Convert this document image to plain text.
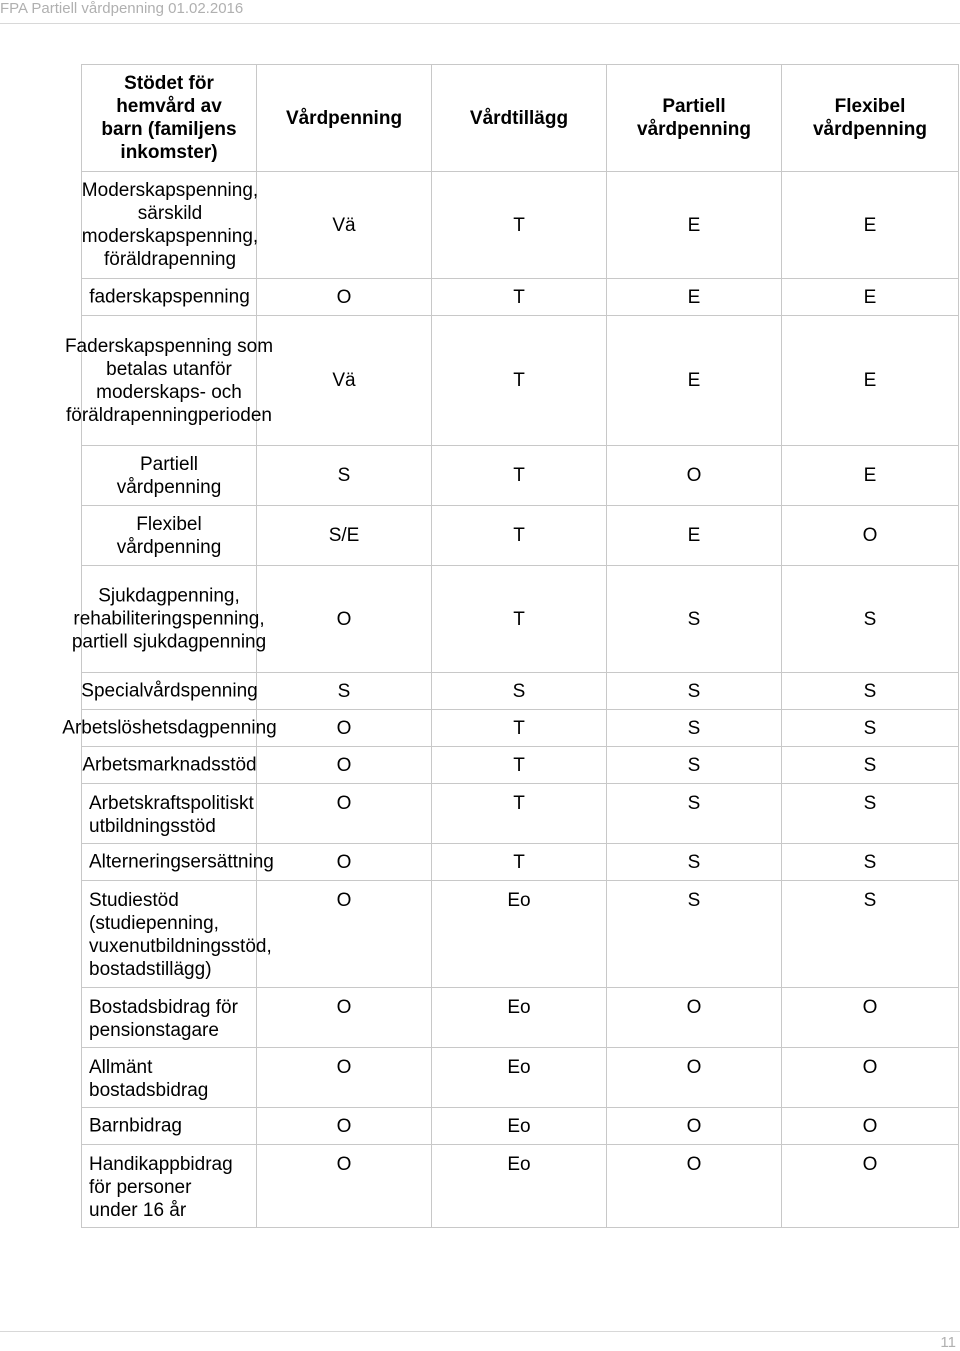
FPA Partiell vårdpenning 01.02.2016
Stödet för hemvård av barn (familjens inkomster)	Vårdpenning	Vårdtillägg	Partiell vårdpenning	Flexibel vårdpenning

Moderskapspenning, särskild moderskapspenning, föräldrapenning	Vä	T	E	E

faderskapspenning	O	T	E	E

Faderskapspenning som betalas utanför moderskaps- och föräldrapenningperioden	Vä	T	E	E

Partiell vårdpenning	S	T	O	E

Flexibel vårdpenning	S/E	T	E	O

Sjukdagpenning, rehabiliteringspenning, partiell sjukdagpenning	O	T	S	S

Specialvårdspenning	S	S	S	S

Arbetslöshetsdagpenning	O	T	S	S

Arbetsmarknadsstöd	O	T	S	S

Arbetskraftspolitiskt utbildningsstöd	O	T	S	S

Alterneringsersättning	O	T	S	S

Studiestöd (studiepenning, vuxenutbildningsstöd, bostadstillägg)	O	Eo	S	S

Bostadsbidrag för pensionstagare	O	Eo	O	O

Allmänt bostadsbidrag	O	Eo	O	O

Barnbidrag	O	Eo	O	O

Handikappbidrag för personer under 16 år	O	Eo	O	O
11
